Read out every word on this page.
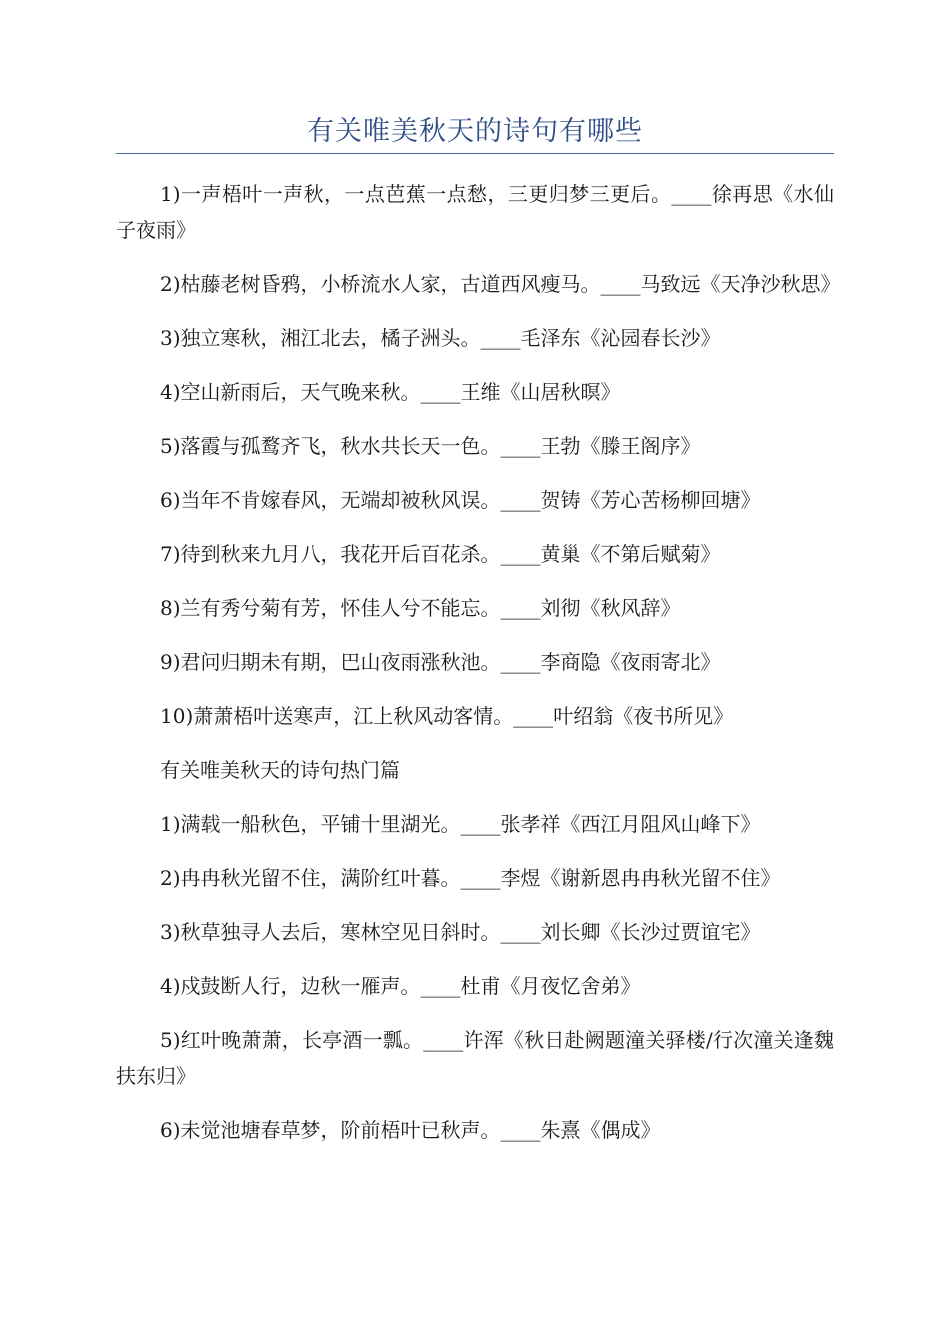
有关唯美秋天的诗句有哪些

1)一声梧叶一声秋，一点芭蕉一点愁，三更归梦三更后。____徐再思《水仙子夜雨》

2)枯藤老树昏鸦，小桥流水人家，古道西风瘦马。____马致远《天净沙秋思》

3)独立寒秋，湘江北去，橘子洲头。____毛泽东《沁园春长沙》

4)空山新雨后，天气晚来秋。____王维《山居秋暝》

5)落霞与孤鹜齐飞，秋水共长天一色。____王勃《滕王阁序》

6)当年不肯嫁春风，无端却被秋风误。____贺铸《芳心苦杨柳回塘》

7)待到秋来九月八，我花开后百花杀。____黄巢《不第后赋菊》

8)兰有秀兮菊有芳，怀佳人兮不能忘。____刘彻《秋风辞》

9)君问归期未有期，巴山夜雨涨秋池。____李商隐《夜雨寄北》

10)萧萧梧叶送寒声，江上秋风动客情。____叶绍翁《夜书所见》

有关唯美秋天的诗句热门篇

1)满载一船秋色，平铺十里湖光。____张孝祥《西江月阻风山峰下》

2)冉冉秋光留不住，满阶红叶暮。____李煜《谢新恩冉冉秋光留不住》

3)秋草独寻人去后，寒林空见日斜时。____刘长卿《长沙过贾谊宅》

4)戍鼓断人行，边秋一雁声。____杜甫《月夜忆舍弟》

5)红叶晚萧萧，长亭酒一瓢。____许浑《秋日赴阙题潼关驿楼/行次潼关逢魏扶东归》

6)未觉池塘春草梦，阶前梧叶已秋声。____朱熹《偶成》
